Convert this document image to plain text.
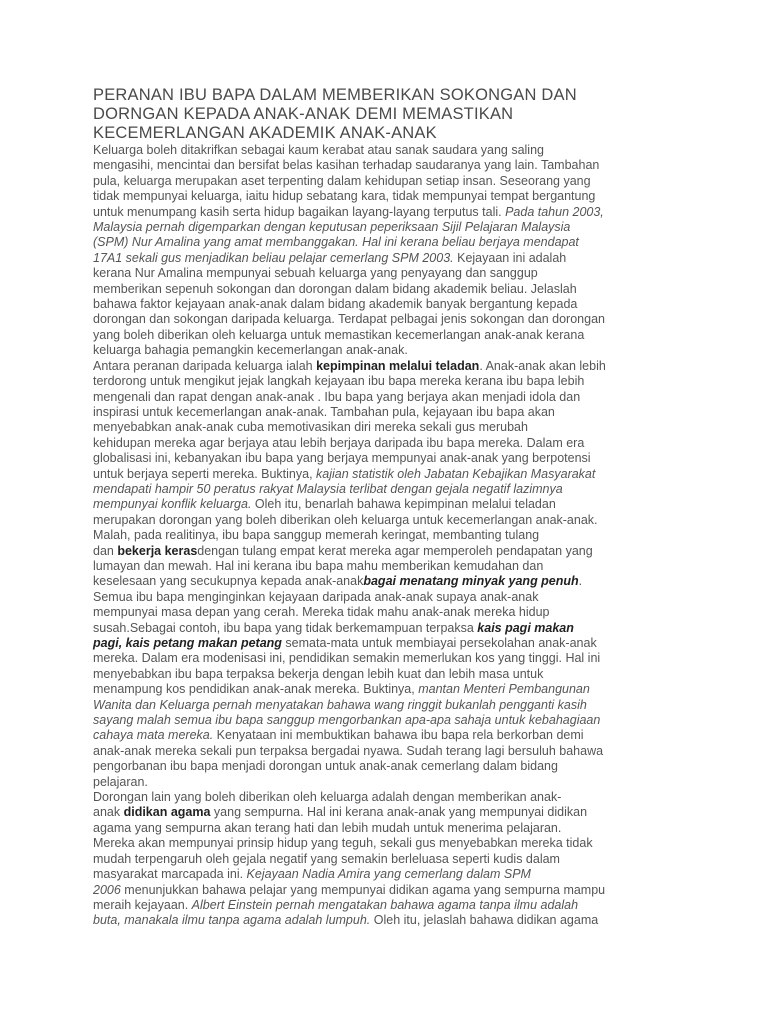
PERANAN IBU BAPA DALAM MEMBERIKAN SOKONGAN DAN
DORNGAN KEPADA ANAK-ANAK DEMI MEMASTIKAN
KECEMERLANGAN AKADEMIK ANAK-ANAK
Keluarga boleh ditakrifkan sebagai kaum kerabat atau sanak saudara yang saling
mengasihi, mencintai dan bersifat belas kasihan terhadap saudaranya yang lain. Tambahan
pula, keluarga merupakan aset terpenting dalam kehidupan setiap insan. Seseorang yang
tidak mempunyai keluarga, iaitu hidup sebatang kara, tidak mempunyai tempat bergantung
untuk menumpang kasih serta hidup bagaikan layang-layang terputus tali. Pada tahun 2003,
Malaysia pernah digemparkan dengan keputusan peperiksaan Sijil Pelajaran Malaysia
(SPM) Nur Amalina yang amat membanggakan. Hal ini kerana beliau berjaya mendapat
17A1 sekali gus menjadikan beliau pelajar cemerlang SPM 2003. Kejayaan ini adalah
kerana Nur Amalina mempunyai sebuah keluarga yang penyayang dan sanggup
memberikan sepenuh sokongan dan dorongan dalam bidang akademik beliau. Jelaslah
bahawa faktor kejayaan anak-anak dalam bidang akademik banyak bergantung kepada
dorongan dan sokongan daripada keluarga. Terdapat pelbagai jenis sokongan dan dorongan
yang boleh diberikan oleh keluarga untuk memastikan kecemerlangan anak-anak kerana
keluarga bahagia pemangkin kecemerlangan anak-anak.
Antara peranan daripada keluarga ialah kepimpinan melalui teladan. Anak-anak akan lebih
terdorong untuk mengikut jejak langkah kejayaan ibu bapa mereka kerana ibu bapa lebih
mengenali dan rapat dengan anak-anak . Ibu bapa yang berjaya akan menjadi idola dan
inspirasi untuk kecemerlangan anak-anak. Tambahan pula, kejayaan ibu bapa akan
menyebabkan anak-anak cuba memotivasikan diri mereka sekali gus merubah
kehidupan mereka agar berjaya atau lebih berjaya daripada ibu bapa mereka. Dalam era
globalisasi ini, kebanyakan ibu bapa yang berjaya mempunyai anak-anak yang berpotensi
untuk berjaya seperti mereka. Buktinya, kajian statistik oleh Jabatan Kebajikan Masyarakat
mendapati hampir 50 peratus rakyat Malaysia terlibat dengan gejala negatif lazimnya
mempunyai konflik keluarga. Oleh itu, benarlah bahawa kepimpinan melalui teladan
merupakan dorongan yang boleh diberikan oleh keluarga untuk kecemerlangan anak-anak.
Malah, pada realitinya, ibu bapa sanggup memerah keringat, membanting tulang
dan bekerja kerasdengan tulang empat kerat mereka agar memperoleh pendapatan yang
lumayan dan mewah. Hal ini kerana ibu bapa mahu memberikan kemudahan dan
keselesaan yang secukupnya kepada anak-anakbagai menatang minyak yang penuh.
Semua ibu bapa menginginkan kejayaan daripada anak-anak supaya anak-anak
mempunyai masa depan yang cerah. Mereka tidak mahu anak-anak mereka hidup
susah.Sebagai contoh, ibu bapa yang tidak berkemampuan terpaksa kais pagi makan
pagi, kais petang makan petang semata-mata untuk membiayai persekolahan anak-anak
mereka. Dalam era modenisasi ini, pendidikan semakin memerlukan kos yang tinggi. Hal ini
menyebabkan ibu bapa terpaksa bekerja dengan lebih kuat dan lebih masa untuk
menampung kos pendidikan anak-anak mereka. Buktinya, mantan Menteri Pembangunan
Wanita dan Keluarga pernah menyatakan bahawa wang ringgit bukanlah pengganti kasih
sayang malah semua ibu bapa sanggup mengorbankan apa-apa sahaja untuk kebahagiaan
cahaya mata mereka. Kenyataan ini membuktikan bahawa ibu bapa rela berkorban demi
anak-anak mereka sekali pun terpaksa bergadai nyawa. Sudah terang lagi bersuluh bahawa
pengorbanan ibu bapa menjadi dorongan untuk anak-anak cemerlang dalam bidang
pelajaran.
Dorongan lain yang boleh diberikan oleh keluarga adalah dengan memberikan anak-
anak didikan agama yang sempurna. Hal ini kerana anak-anak yang mempunyai didikan
agama yang sempurna akan terang hati dan lebih mudah untuk menerima pelajaran.
Mereka akan mempunyai prinsip hidup yang teguh, sekali gus menyebabkan mereka tidak
mudah terpengaruh oleh gejala negatif yang semakin berleluasa seperti kudis dalam
masyarakat marcapada ini. Kejayaan Nadia Amira yang cemerlang dalam SPM
2006 menunjukkan bahawa pelajar yang mempunyai didikan agama yang sempurna mampu
meraih kejayaan. Albert Einstein pernah mengatakan bahawa agama tanpa ilmu adalah
buta, manakala ilmu tanpa agama adalah lumpuh. Oleh itu, jelaslah bahawa didikan agama
